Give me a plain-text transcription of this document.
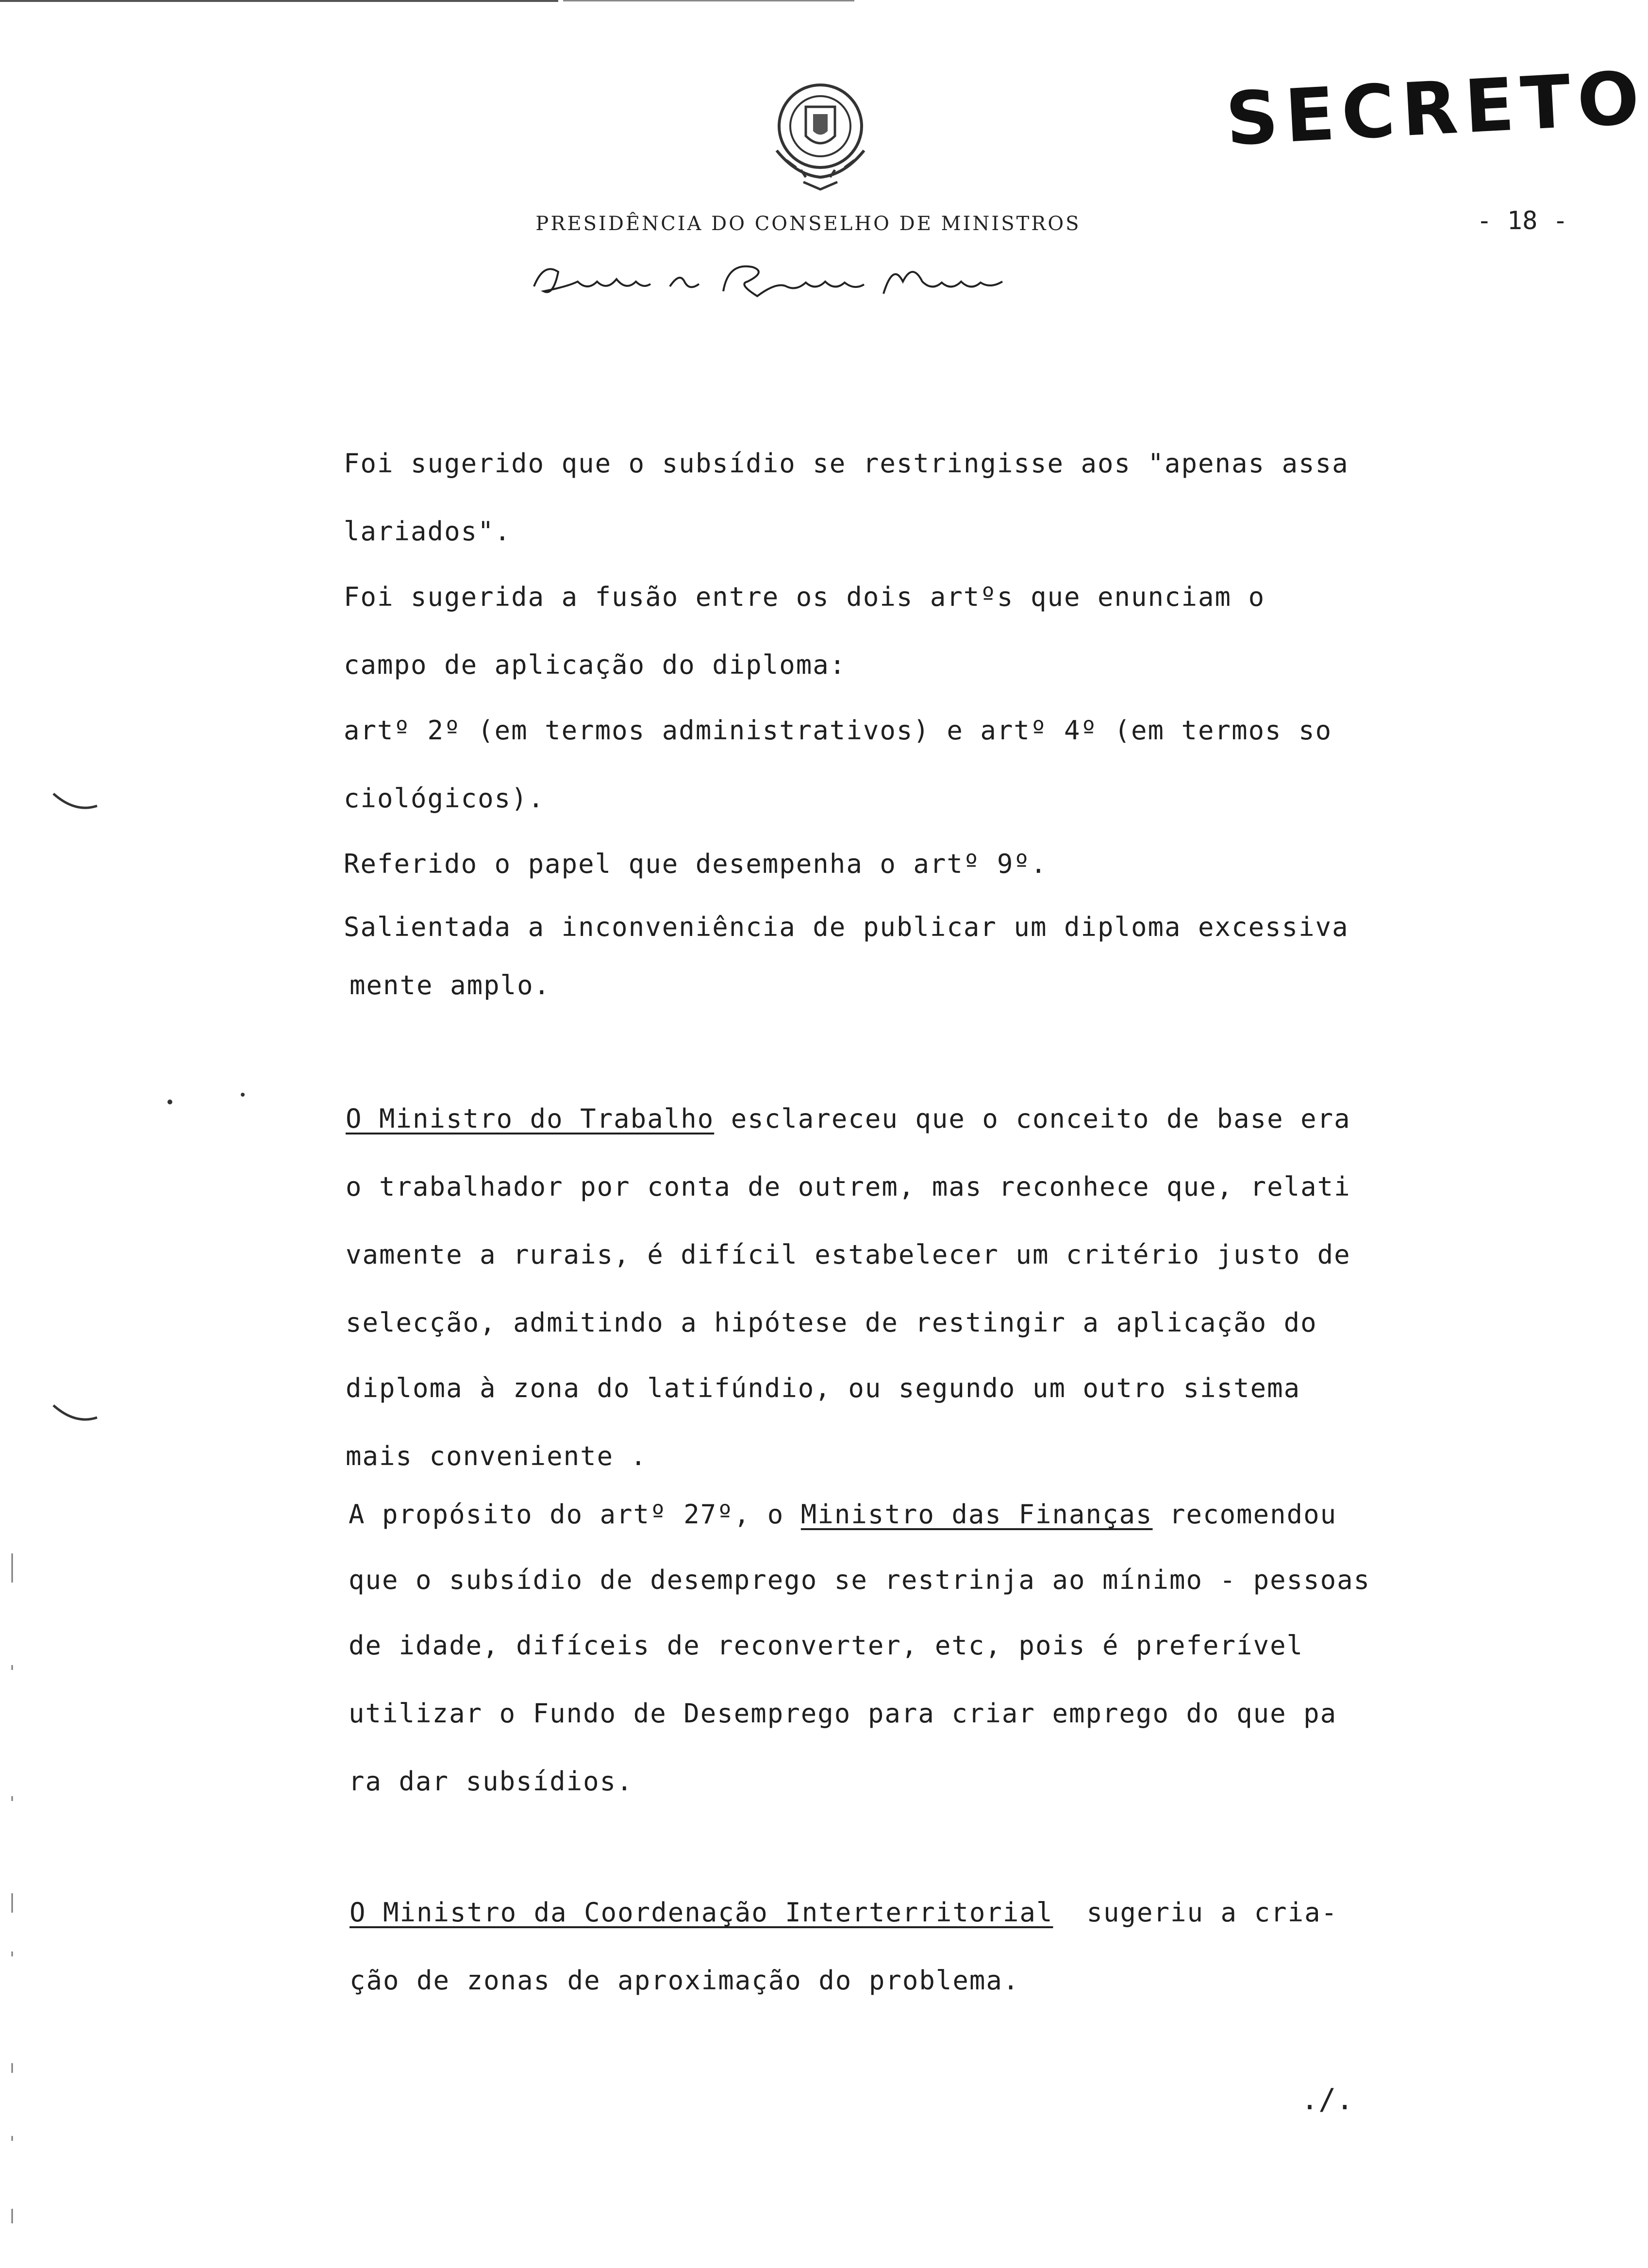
SECRETO
PRESIDÊNCIA DO CONSELHO DE MINISTROS	- 18 -
Foi sugerido que o subsídio se restringisse aos "apenas assa
lariados".
Foi sugerida a fusão entre os dois artºs que enunciam o
campo de aplicação do diploma:
artº 2º (em termos administrativos) e artº 4º (em termos so
ciológicos).
Referido o papel que desempenha o artº 9º.
Salientada a inconveniência de publicar um diploma excessiva
mente amplo.
O Ministro do Trabalho esclareceu que o conceito de base era
o trabalhador por conta de outrem, mas reconhece que, relati
vamente a rurais, é difícil estabelecer um critério justo de
selecção, admitindo a hipótese de restingir a aplicação do
diploma à zona do latifúndio, ou segundo um outro sistema
mais conveniente .
A propósito do artº 27º, o Ministro das Finanças recomendou
que o subsídio de desemprego se restrinja ao mínimo - pessoas
de idade, difíceis de reconverter, etc, pois é preferível
utilizar o Fundo de Desemprego para criar emprego do que pa
ra dar subsídios.
O Ministro da Coordenação Interterritorial  sugeriu a cria-
ção de zonas de aproximação do problema.
./.
